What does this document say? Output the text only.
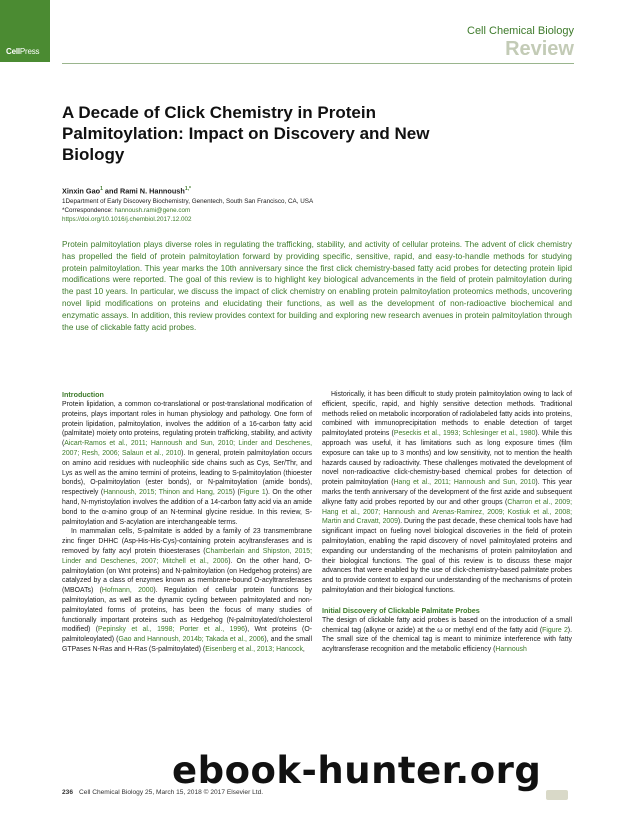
CellPress
Cell Chemical Biology
Review
A Decade of Click Chemistry in Protein Palmitoylation: Impact on Discovery and New Biology
Xinxin Gao$^1$ and Rami N. Hannoush$^{1,*}$
1Department of Early Discovery Biochemistry, Genentech, South San Francisco, CA, USA
*Correspondence: hannoush.rami@gene.com
https://doi.org/10.1016/j.chembiol.2017.12.002
Protein palmitoylation plays diverse roles in regulating the trafficking, stability, and activity of cellular proteins. The advent of click chemistry has propelled the field of protein palmitoylation forward by providing specific, sensitive, rapid, and easy-to-handle methods for studying protein palmitoylation. This year marks the 10th anniversary since the first click chemistry-based fatty acid probes for detecting protein lipid modifications were reported. The goal of this review is to highlight key biological advancements in the field of protein palmitoylation during the past 10 years. In particular, we discuss the impact of click chemistry on enabling protein palmitoylation proteomics methods, uncovering novel lipid modifications on proteins and elucidating their functions, as well as the development of non-radioactive biochemical and enzymatic assays. In addition, this review provides context for building and exploring new research avenues in protein palmitoylation through the use of clickable fatty acid probes.
Introduction

Protein lipidation, a common co-translational or post-translational modification of proteins, plays important roles in human physiology and pathology. One form of protein lipidation, palmitoylation, involves the addition of a 16-carbon fatty acid (palmitate) moiety onto proteins, regulating protein trafficking, stability, and activity (Aicart-Ramos et al., 2011; Hannoush and Sun, 2010; Linder and Deschenes, 2007; Resh, 2006; Salaun et al., 2010). In general, protein palmitoylation occurs on amino acid residues with nucleophilic side chains such as Cys, Ser/Thr, and Lys as well as the amino termini of proteins, leading to S-palmitoylation (thioester bonds), O-palmitoylation (ester bonds), or N-palmitoylation (amide bonds), respectively (Hannoush, 2015; Thinon and Hang, 2015) (Figure 1). On the other hand, N-myristoylation involves the addition of a 14-carbon fatty acid via an amide bond to the α-amino group of an N-terminal glycine residue. In this review, S-palmitoylation and S-acylation are interchangeable terms.

In mammalian cells, S-palmitate is added by a family of 23 transmembrane zinc finger DHHC (Asp-His-His-Cys)-containing protein acyltransferases and is removed by fatty acyl protein thioesterases (Chamberlain and Shipston, 2015; Linder and Deschenes, 2007; Mitchell et al., 2006). On the other hand, O-palmitoylation (on Wnt proteins) and N-palmitoylation (on Hedgehog proteins) are catalyzed by a class of enzymes known as membrane-bound O-acyltransferases (MBOATs) (Hofmann, 2000). Regulation of cellular protein functions by palmitoylation, as well as the dynamic cycling between palmitoylated and non-palmitoylated forms of proteins, has been the focus of many studies of functionally important proteins such as Hedgehog (N-palmitoylated/cholesterol modified) (Pepinsky et al., 1998; Porter et al., 1996), Wnt proteins (O-palmitoleoylated) (Gao and Hannoush, 2014b; Takada et al., 2006), and the small GTPases N-Ras and H-Ras (S-palmitoylated) (Eisenberg et al., 2013; Hancock,

Historically, it has been difficult to study protein palmitoylation owing to lack of efficient, specific, rapid, and highly sensitive detection methods. Traditional methods relied on metabolic incorporation of radiolabeled fatty acids into proteins, combined with immunoprecipitation methods to enable detection of target palmitoylated proteins (Peseckis et al., 1993; Schlesinger et al., 1980). While this approach was useful, it has limitations such as long exposure times (film exposure can take up to 3 months) and low sensitivity, not to mention the health hazards caused by radioactivity. These challenges motivated the development of novel non-radioactive click-chemistry-based chemical probes for detection of protein palmitoylation (Hang et al., 2011; Hannoush and Sun, 2010). This year marks the tenth anniversary of the development of the first azide and subsequent alkyne fatty acid probes reported by our and other groups (Charron et al., 2009; Hang et al., 2007; Hannoush and Arenas-Ramirez, 2009; Kostiuk et al., 2008; Martin and Cravatt, 2009). During the past decade, these chemical tools have had significant impact on fueling novel biological discoveries in the field of protein palmitoylation, enabling the rapid discovery of novel palmitoylated proteins and expanding our understanding of the mechanisms of protein palmitoylation and their biological functions. The goal of this review is to discuss these major advances that were enabled by the use of click-chemistry-based palmitate probes and to provide context to expand our understanding of the mechanisms of protein palmitoylation and their biological functions.

Initial Discovery of Clickable Palmitate Probes

The design of clickable fatty acid probes is based on the introduction of a small chemical tag (alkyne or azide) at the ω or methyl end of the fatty acid (Figure 2). The small size of the chemical tag is meant to minimize interference with fatty acyltransferase recognition and the metabolic efficiency (Hannoush

236 Cell Chemical Biology 25, March 15, 2018 © 2017 Elsevier Ltd.
ebook-hunter.org
